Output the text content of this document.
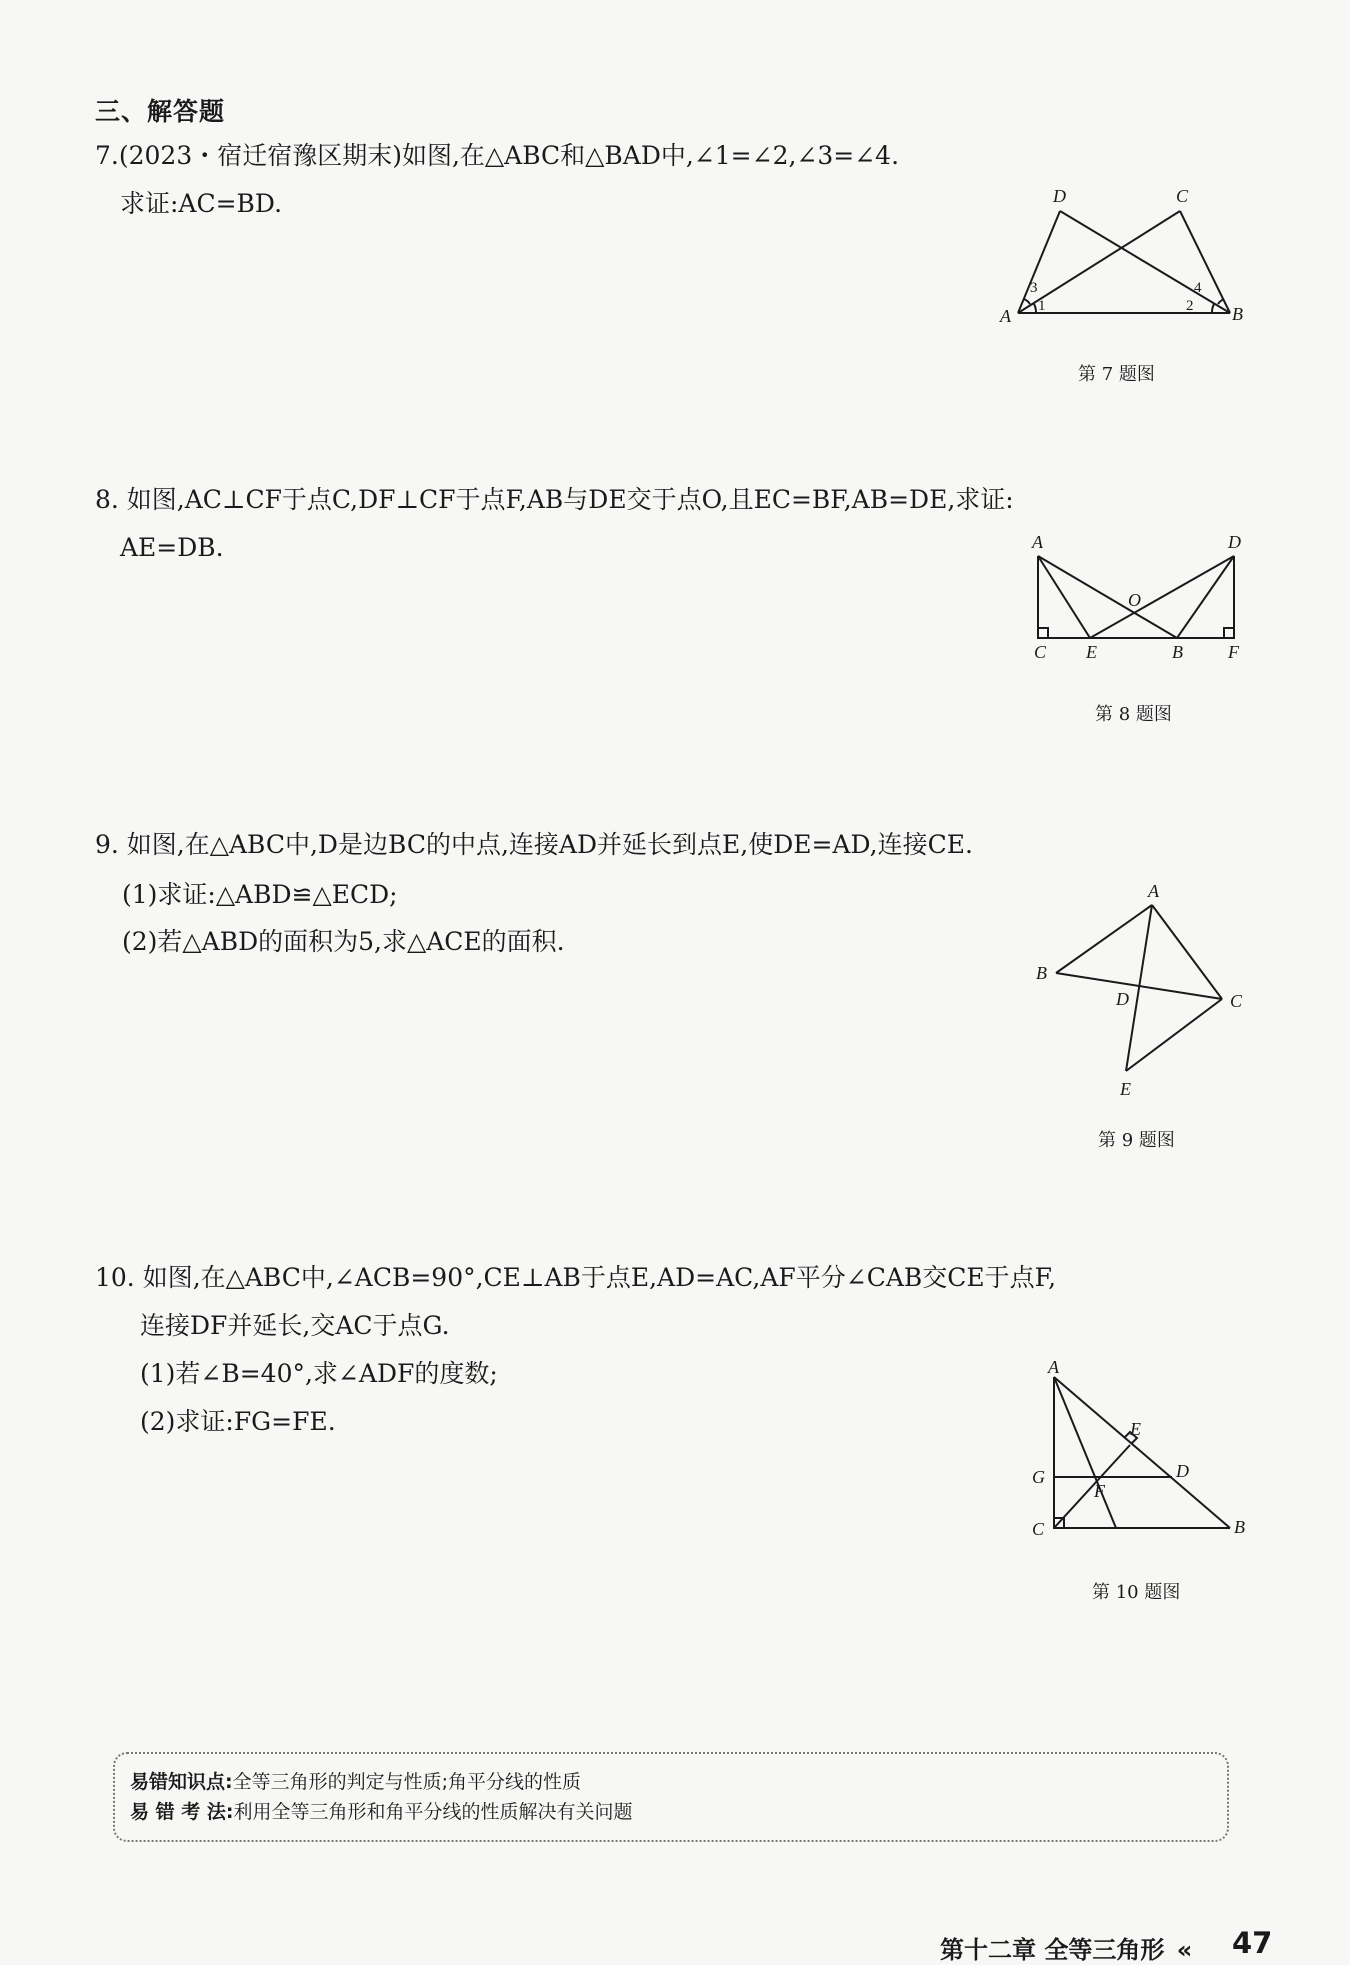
三、解答题
7.(2023・宿迁宿豫区期末)如图,在△ABC和△BAD中,∠1=∠2,∠3=∠4.
求证:AC=BD.
A	B
C
D
1	2
3	4
第 7 题图
8. 如图,AC⊥CF于点C,DF⊥CF于点F,AB与DE交于点O,且EC=BF,AB=DE,求证:
AE=DB.	A	D
O
C E	B	F
第 8 题图
9. 如图,在△ABC中,D是边BC的中点,连接AD并延长到点E,使DE=AD,连接CE.
(1)求证:△ABD≌△ECD;
(2)若△ABD的面积为5,求△ACE的面积.
A
B
C
D
E
第 9 题图
10. 如图,在△ABC中,∠ACB=90°,CE⊥AB于点E,AD=AC,AF平分∠CAB交CE于点F,
连接DF并延长,交AC于点G.
(1)若∠B=40°,求∠ADF的度数;
(2)求证:FG=FE.
A
E
D
G
F
C	B
第 10 题图
易错知识点:全等三角形的判定与性质;角平分线的性质
易 错 考 法:利用全等三角形和角平分线的性质解决有关问题
第十二章 全等三角形 « 47
